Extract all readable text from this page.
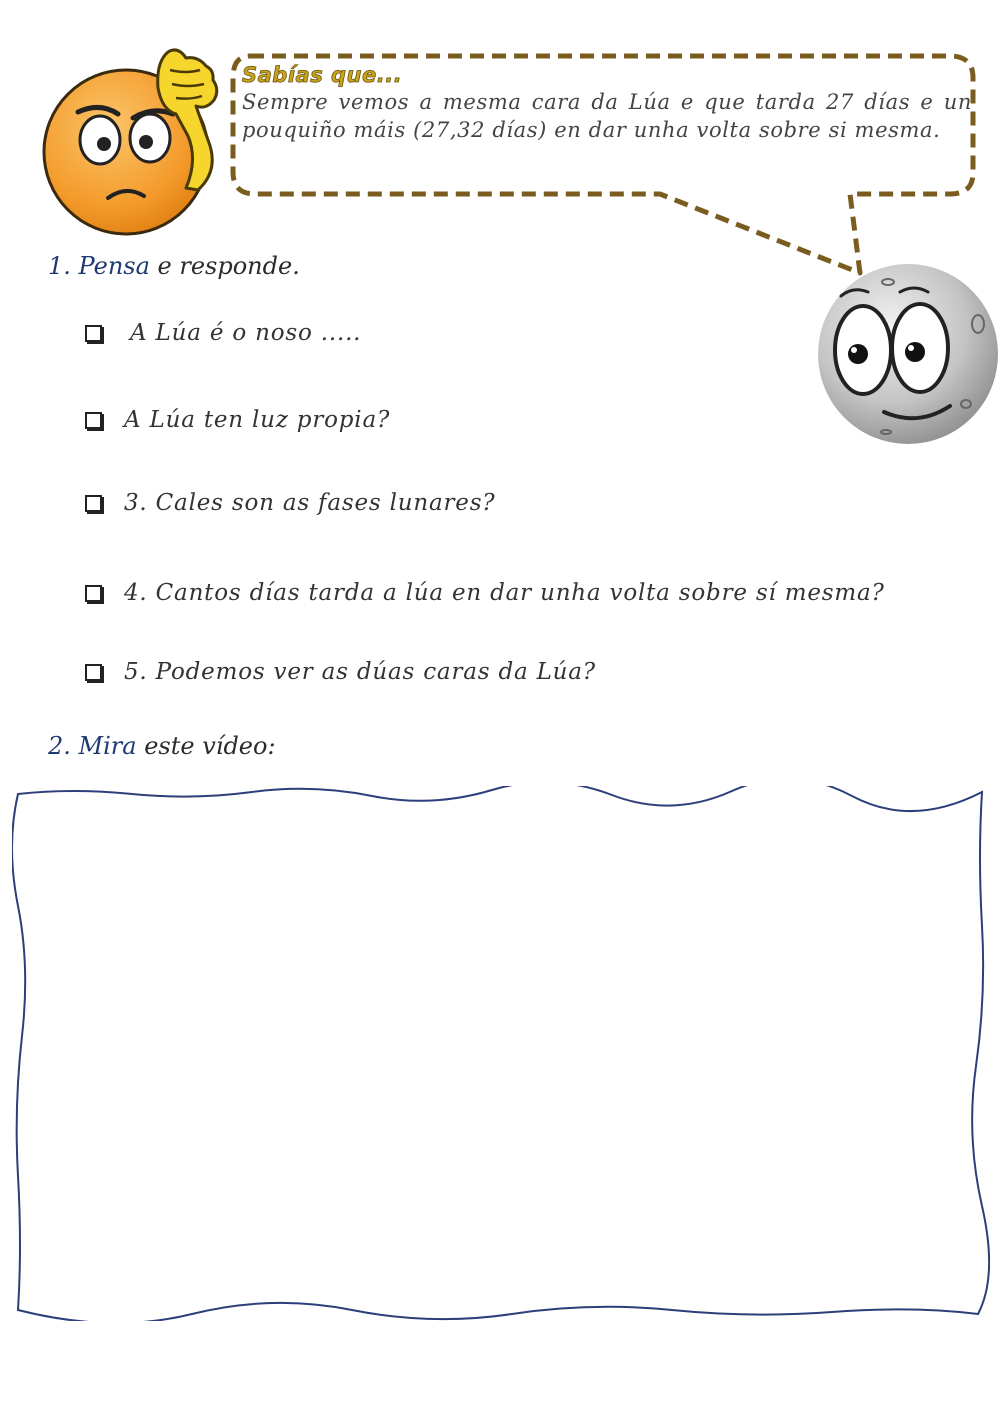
Sabías que...
Sempre vemos a mesma cara da Lúa e que tarda 27 días e un pouquiño máis (27,32 días) en dar unha volta sobre si mesma.
1. Pensa e responde.
A Lúa é o noso .....
A Lúa ten luz propia?
3. Cales son as fases lunares?
4. Cantos días tarda a lúa en dar unha volta sobre sí mesma?
5. Podemos ver as dúas caras da Lúa?
2. Mira este vídeo:
